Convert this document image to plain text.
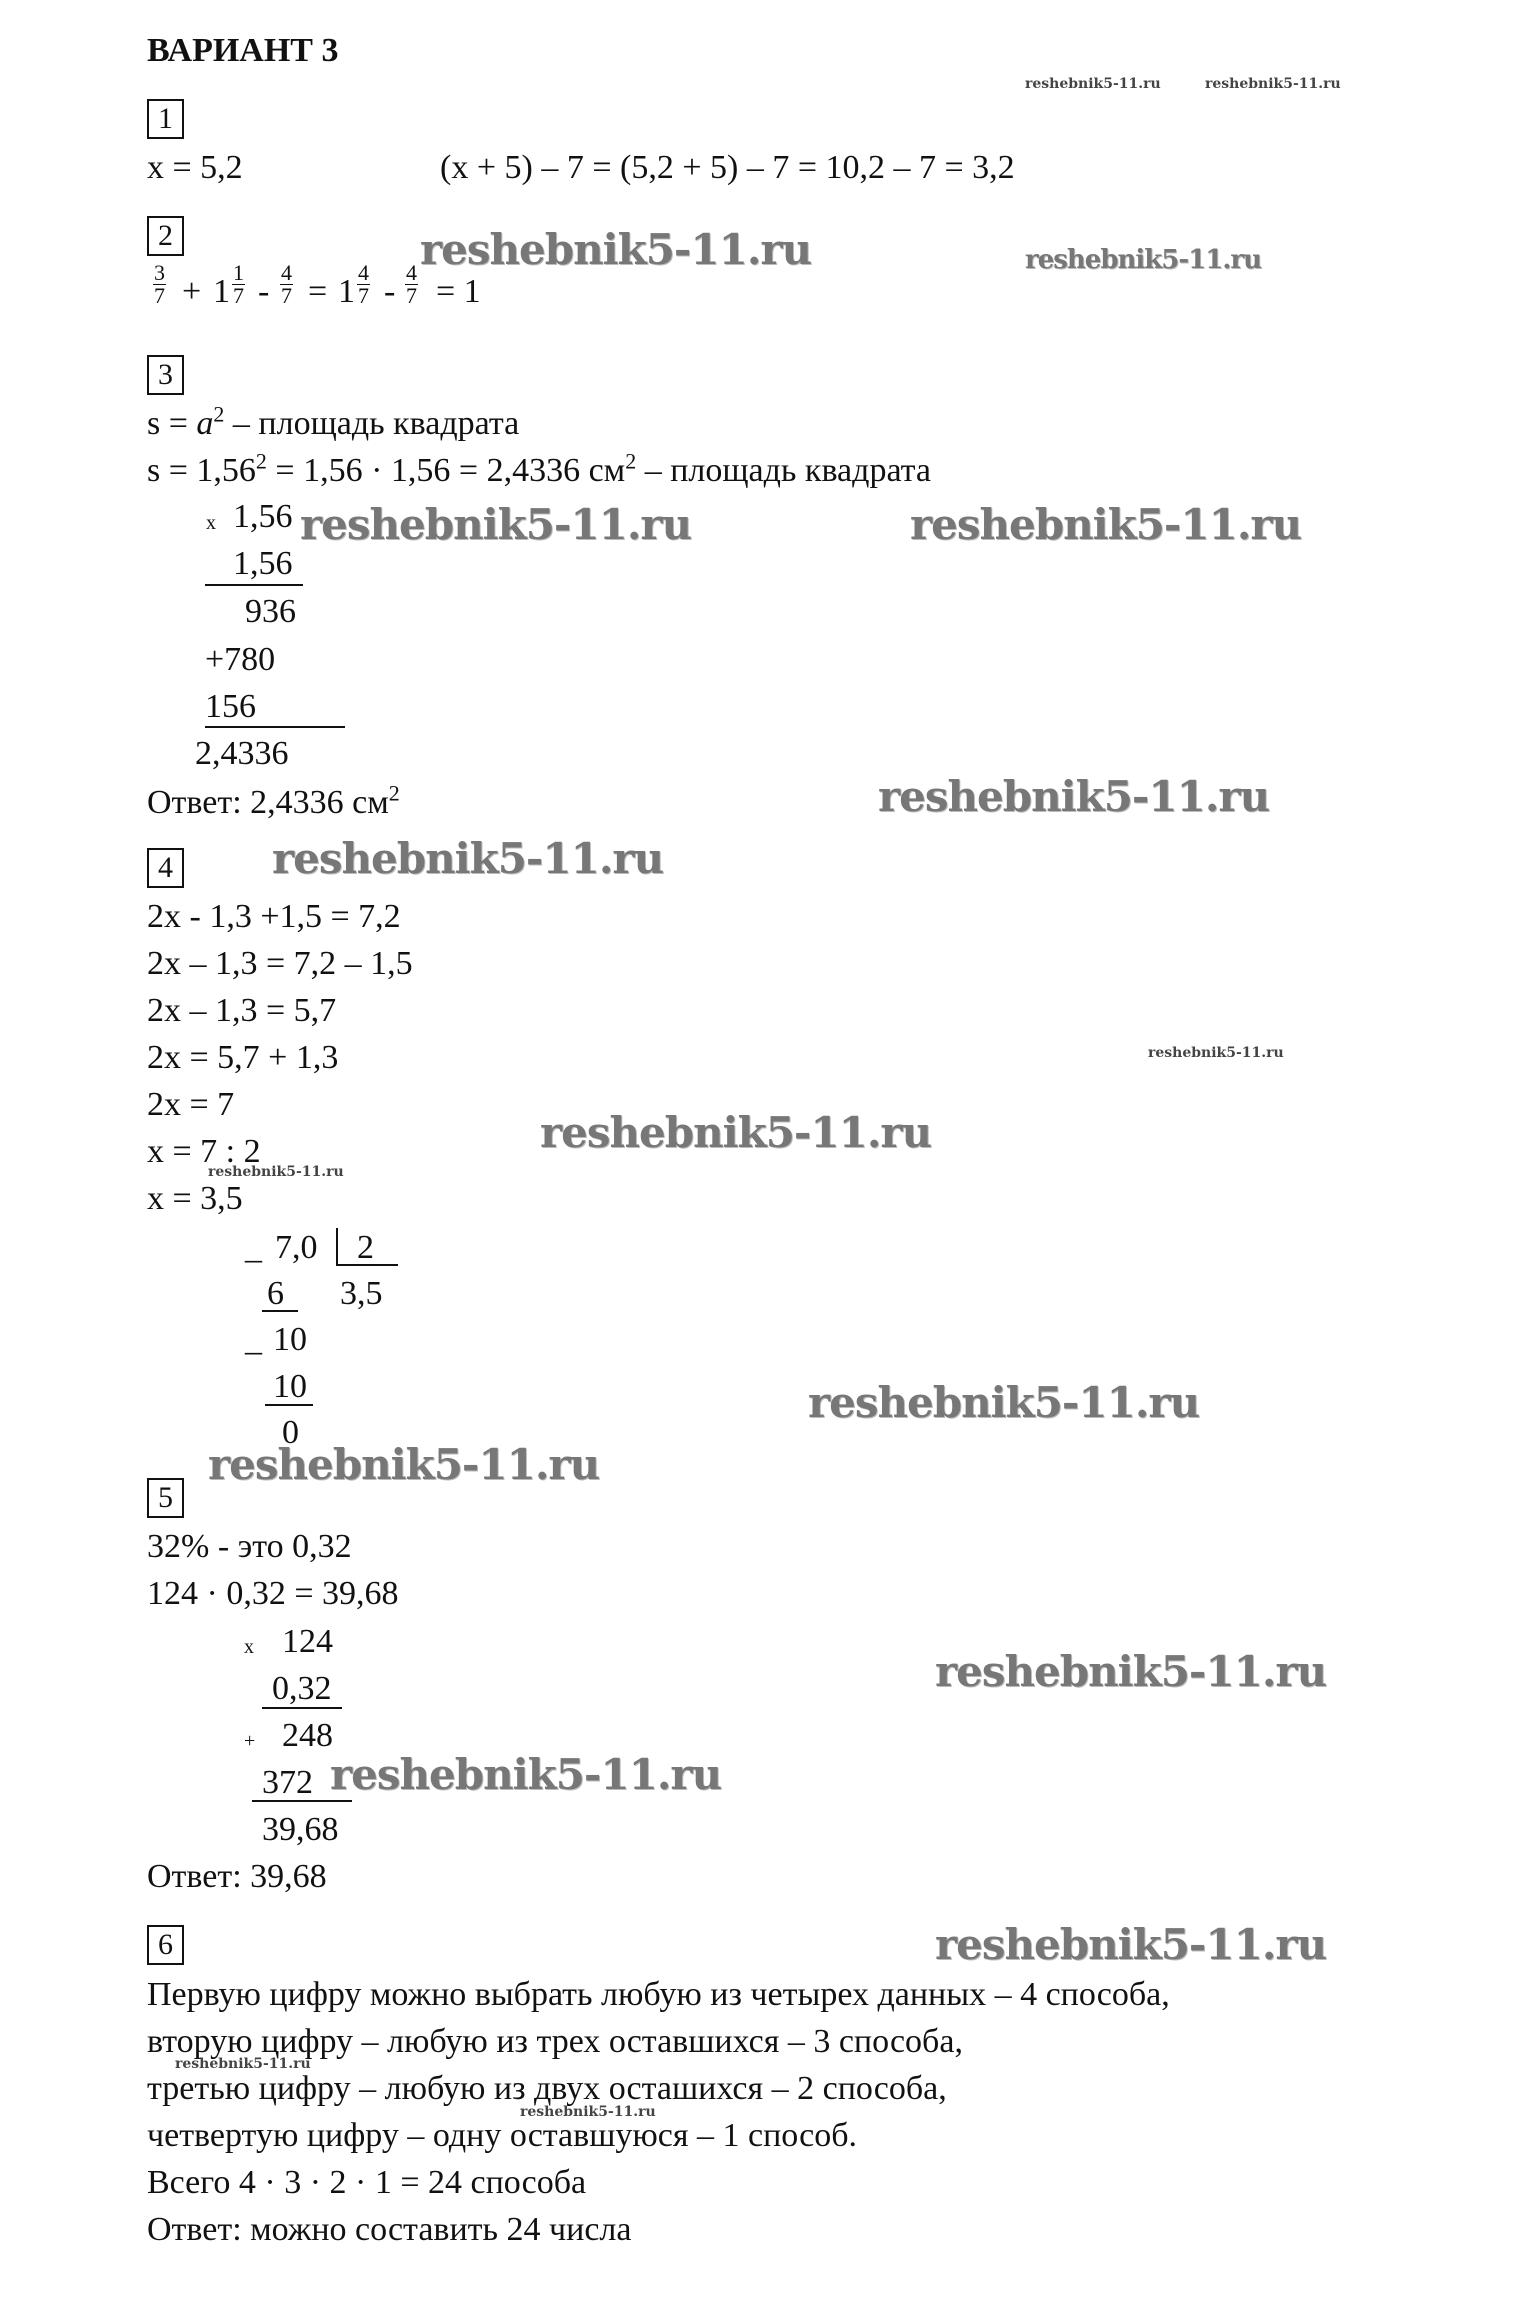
ВАРИАНТ 3
reshebnik5-11.ru	reshebnik5-11.ru
1
x = 5,2	(x + 5) – 7 = (5,2 + 5) – 7 = 10,2 – 7 = 3,2
2	reshebnik5-11.ru	reshebnik5-11.ru
$\frac{3}{7} + 1 \frac{1}{7} - \frac{4}{7} = 1 \frac{4}{7} - \frac{4}{7} = 1$
3
$s = a^2$ – площадь квадрата
$s = 1,56^2 = 1,56 \cdot 1,56 = 2,4336$ $см^2$ – площадь квадрата
x 1,56 reshebnik5-11.ru	reshebnik5-11.ru
1,56
936
+780
156
2,4336
Ответ: 2,4336 $см^2$	reshebnik5-11.ru
4 reshebnik5-11.ru
2x - 1,3 +1,5 = 7,2
2x – 1,3 = 7,2 – 1,5
2x – 1,3 = 5,7
2x = 5,7 + 1,3	reshebnik5-11.ru
2x = 7
reshebnik5-11.ru
x = 7 : 2
reshebnik5-11.ru
x = 3,5
_ 7,0 2
6 3,5
_ 10
10
0
reshebnik5-11.ru
reshebnik5-11.ru
5
32% - это 0,32
124 · 0,32 = 39,68
x 124
0,32	reshebnik5-11.ru
+ 248
372 reshebnik5-11.ru
39,68
Ответ: 39,68
6	reshebnik5-11.ru
Первую цифру можно выбрать любую из четырех данных – 4 способа,
вторую цифру – любую из трех оставшихся – 3 способа,
reshebnik5-11.ru
третью цифру – любую из двух осташихся – 2 способа,
reshebnik5-11.ru
четвертую цифру – одну оставшуюся – 1 способ.
Всего 4 · 3 · 2 · 1 = 24 способа
Ответ: можно составить 24 числа
